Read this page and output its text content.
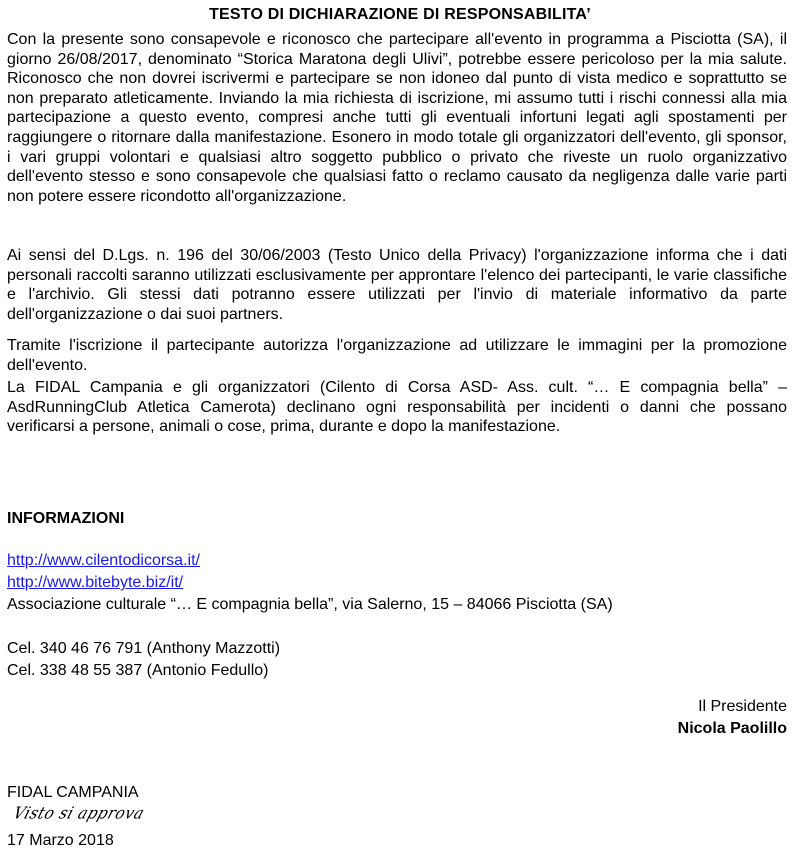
TESTO DI DICHIARAZIONE DI RESPONSABILITA’
Con la presente sono consapevole e riconosco che partecipare all'evento in programma a Pisciotta (SA), il giorno 26/08/2017, denominato “Storica Maratona degli Ulivi”, potrebbe essere pericoloso per la mia salute. Riconosco che non dovrei iscrivermi e partecipare se non idoneo dal punto di vista medico e soprattutto se non preparato atleticamente. Inviando la mia richiesta di iscrizione, mi assumo tutti i rischi connessi alla mia partecipazione a questo evento, compresi anche tutti gli eventuali infortuni legati agli spostamenti per raggiungere o ritornare dalla manifestazione. Esonero in modo totale gli organizzatori dell'evento, gli sponsor, i vari gruppi volontari e qualsiasi altro soggetto pubblico o privato che riveste un ruolo organizzativo dell'evento stesso e sono consapevole che qualsiasi fatto o reclamo causato da negligenza dalle varie parti non potere essere ricondotto all'organizzazione.
Ai sensi del D.Lgs. n. 196 del 30/06/2003 (Testo Unico della Privacy) l'organizzazione informa che i dati personali raccolti saranno utilizzati esclusivamente per approntare l'elenco dei partecipanti, le varie classifiche e l'archivio. Gli stessi dati potranno essere utilizzati per l'invio di materiale informativo da parte dell'organizzazione o dai suoi partners.
Tramite l'iscrizione il partecipante autorizza l'organizzazione ad utilizzare le immagini per la promozione dell'evento.
La FIDAL Campania e gli organizzatori (Cilento di Corsa ASD- Ass. cult. “… E compagnia bella” – AsdRunningClub Atletica Camerota) declinano ogni responsabilità per incidenti o danni che possano verificarsi a persone, animali o cose, prima, durante e dopo la manifestazione.
INFORMAZIONI
http://www.cilentodicorsa.it/
http://www.bitebyte.biz/it/
Associazione culturale “… E compagnia bella”, via Salerno, 15 – 84066 Pisciotta (SA)
Cel. 340 46 76 791 (Anthony Mazzotti)
Cel. 338 48 55 387 (Antonio Fedullo)
Il Presidente
Nicola Paolillo
FIDAL CAMPANIA
Visto si approva
17 Marzo 2018
